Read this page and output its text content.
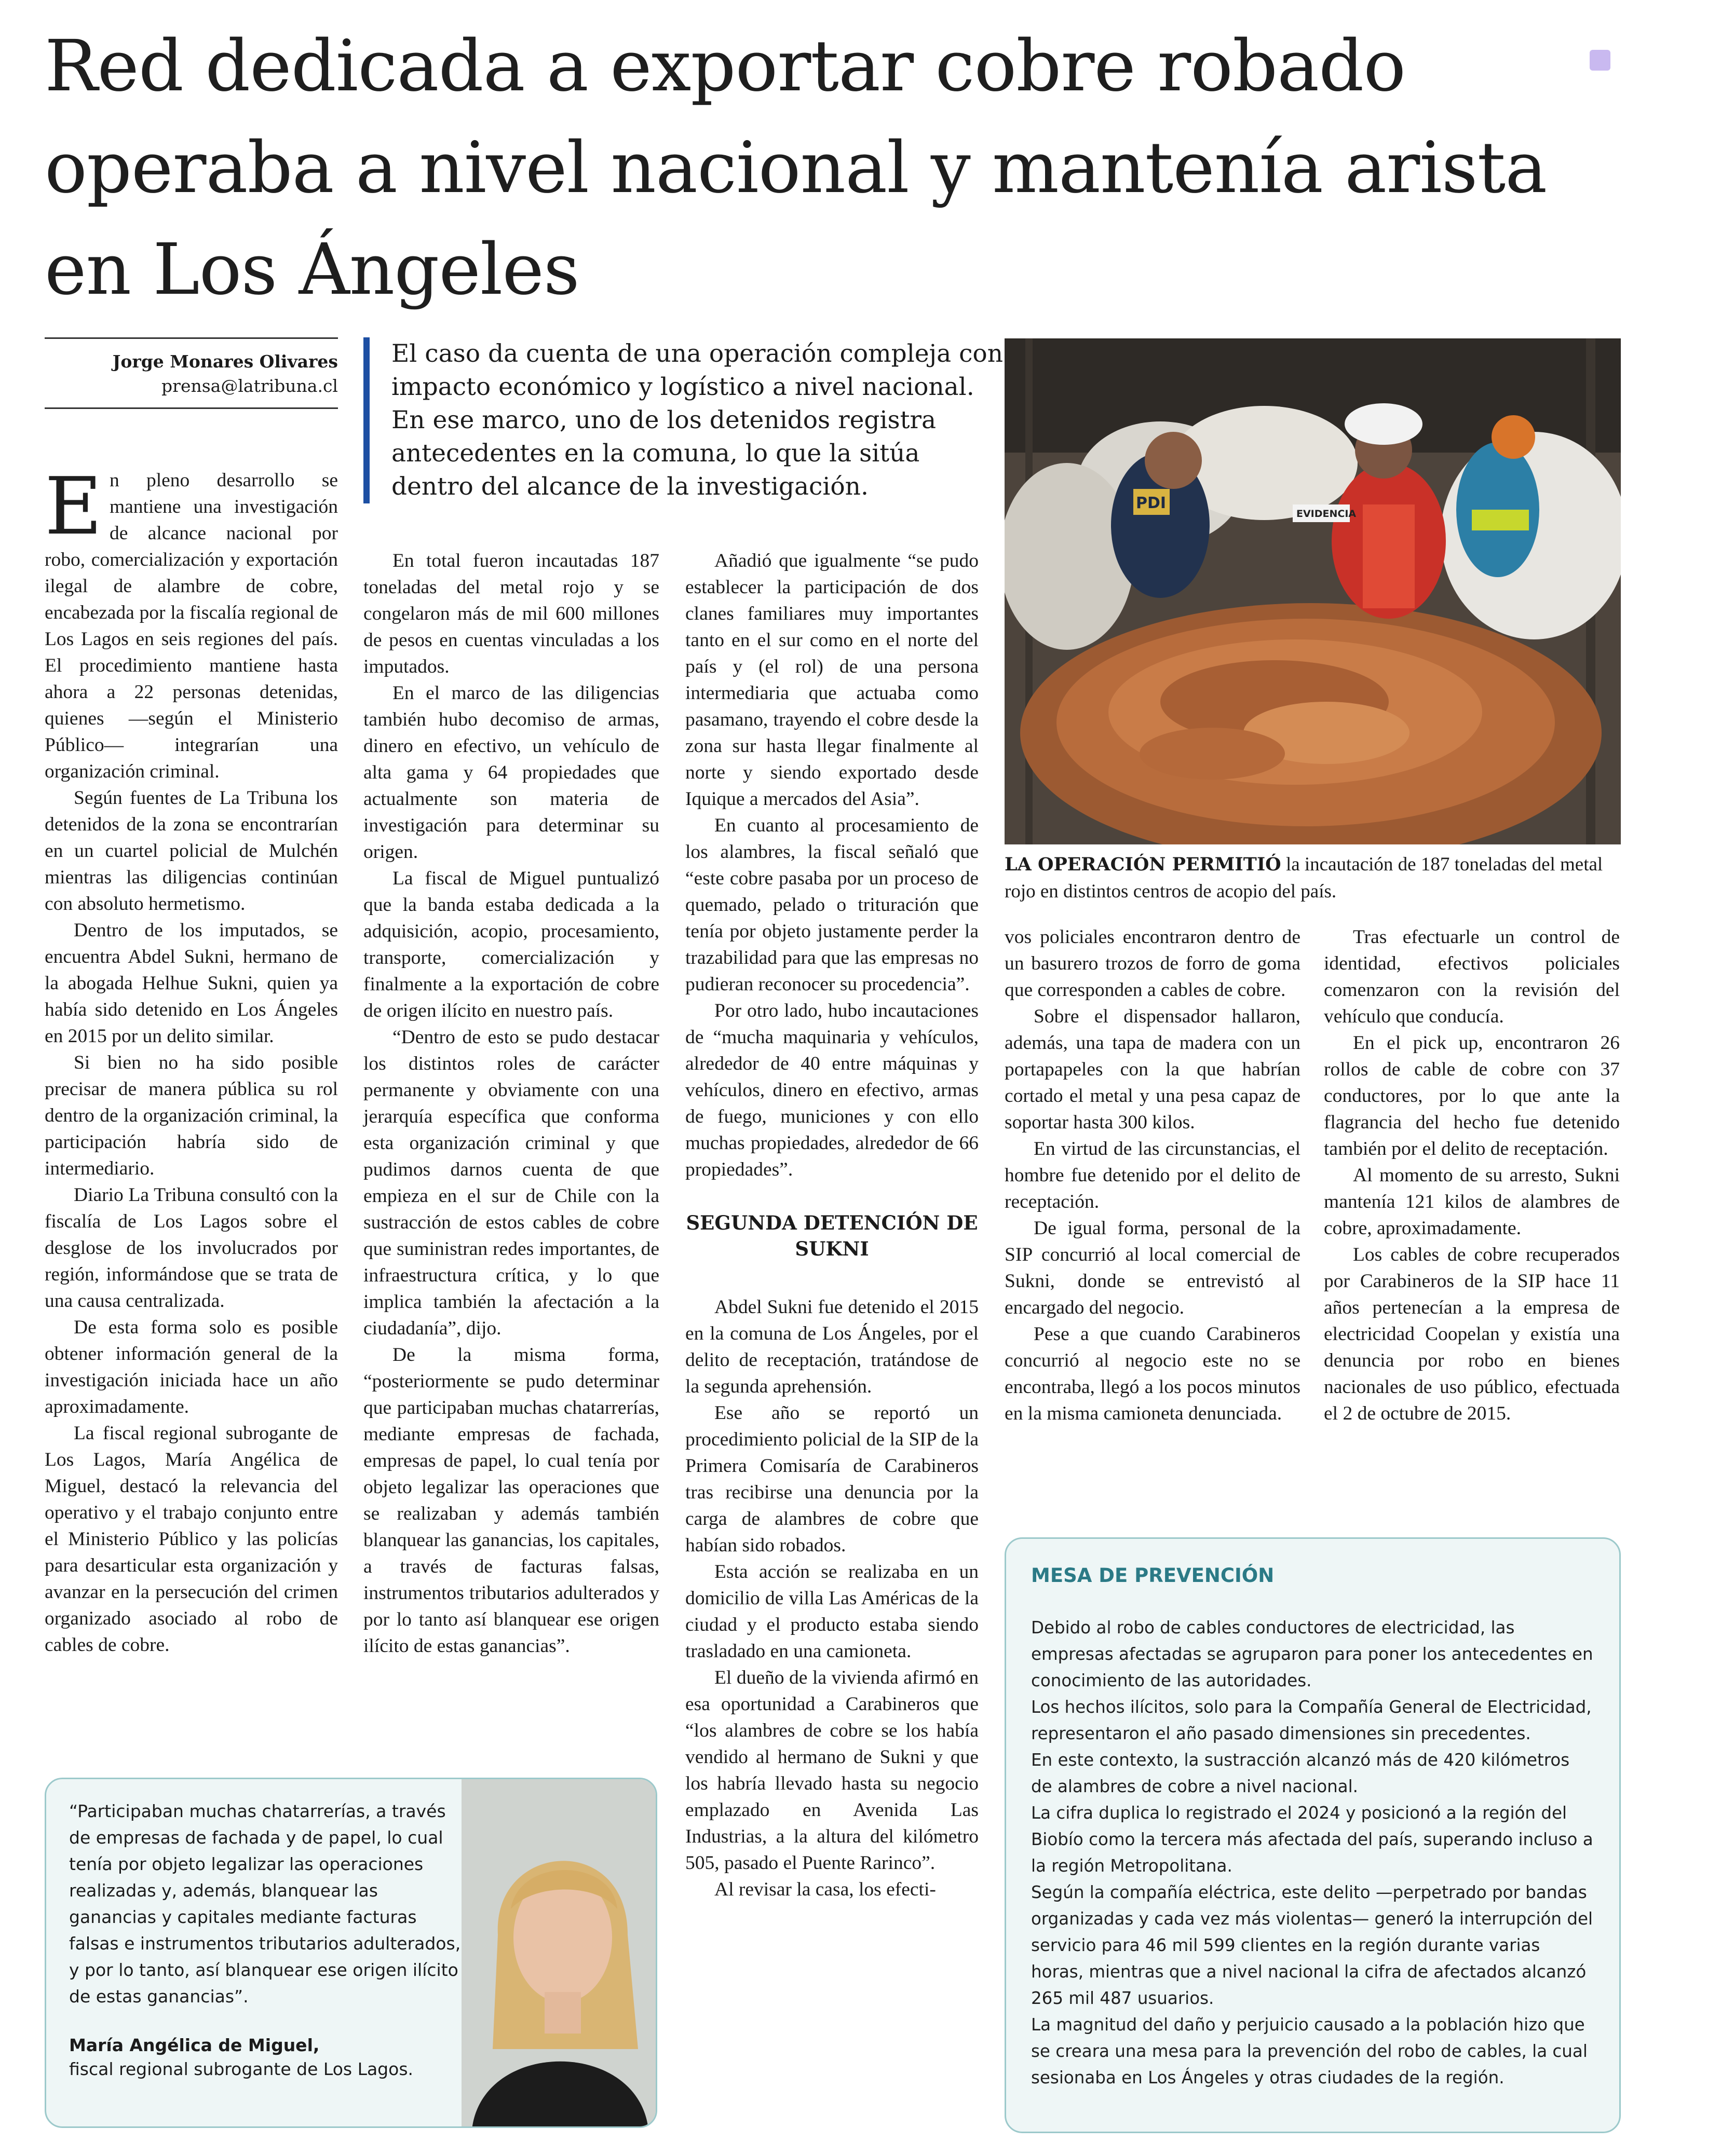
Red dedicada a exportar cobre robado operaba a nivel nacional y mantenía arista en Los Ángeles
Jorge Monares Olivares
prensa@latribuna.cl
El caso da cuenta de una operación compleja con impacto económico y logístico a nivel nacional. En ese marco, uno de los detenidos registra antecedentes en la comuna, lo que la sitúa dentro del alcance de la investigación.

En pleno desarrollo se mantiene una investigación de alcance nacional por robo, comercialización y exportación ilegal de alambre de cobre, encabezada por la fiscalía regional de Los Lagos en seis regiones del país. El procedimiento mantiene hasta ahora a 22 personas detenidas, quienes —según el Ministerio Público— integrarían una organización criminal.

Según fuentes de La Tribuna los detenidos de la zona se encontrarían en un cuartel policial de Mulchén mientras las diligencias continúan con absoluto hermetismo.

Dentro de los imputados, se encuentra Abdel Sukni, hermano de la abogada Helhue Sukni, quien ya había sido detenido en Los Ángeles en 2015 por un delito similar.

Si bien no ha sido posible precisar de manera pública su rol dentro de la organización criminal, la participación habría sido de intermediario.

Diario La Tribuna consultó con la fiscalía de Los Lagos sobre el desglose de los involucrados por región, informándose que se trata de una causa centralizada.

De esta forma solo es posible obtener información general de la investigación iniciada hace un año aproximadamente.

La fiscal regional subrogante de Los Lagos, María Angélica de Miguel, destacó la relevancia del operativo y el trabajo conjunto entre el Ministerio Público y las policías para desarticular esta organización y avanzar en la persecución del crimen organizado asociado al robo de cables de cobre.

En total fueron incautadas 187 toneladas del metal rojo y se congelaron más de mil 600 millones de pesos en cuentas vinculadas a los imputados.

En el marco de las diligencias también hubo decomiso de armas, dinero en efectivo, un vehículo de alta gama y 64 propiedades que actualmente son materia de investigación para determinar su origen.

La fiscal de Miguel puntualizó que la banda estaba dedicada a la adquisición, acopio, procesamiento, transporte, comercialización y finalmente a la exportación de cobre de origen ilícito en nuestro país.

“Dentro de esto se pudo destacar los distintos roles de carácter permanente y obviamente con una jerarquía específica que conforma esta organización criminal y que pudimos darnos cuenta de que empieza en el sur de Chile con la sustracción de estos cables de cobre que suministran redes importantes, de infraestructura crítica, y lo que implica también la afectación a la ciudadanía”, dijo.

De la misma forma, “posteriormente se pudo determinar que participaban muchas chatarrerías, mediante empresas de fachada, empresas de papel, lo cual tenía por objeto legalizar las operaciones que se realizaban y además también blanquear las ganancias, los capitales, a través de facturas falsas, instrumentos tributarios adulterados y por lo tanto así blanquear ese origen ilícito de estas ganancias”.

Añadió que igualmente “se pudo establecer la participación de dos clanes familiares muy importantes tanto en el sur como en el norte del país y (el rol) de una persona intermediaria que actuaba como pasamano, trayendo el cobre desde la zona sur hasta llegar finalmente al norte y siendo exportado desde Iquique a mercados del Asia”.

En cuanto al procesamiento de los alambres, la fiscal señaló que “este cobre pasaba por un proceso de quemado, pelado o trituración que tenía por objeto justamente perder la trazabilidad para que las empresas no pudieran reconocer su procedencia”.

Por otro lado, hubo incautaciones de “mucha maquinaria y vehículos, alrededor de 40 entre máquinas y vehículos, dinero en efectivo, armas de fuego, municiones y con ello muchas propiedades, alrededor de 66 propiedades”.

SEGUNDA DETENCIÓN DE SUKNI

Abdel Sukni fue detenido el 2015 en la comuna de Los Ángeles, por el delito de receptación, tratándose de la segunda aprehensión.

Ese año se reportó un procedimiento policial de la SIP de la Primera Comisaría de Carabineros tras recibirse una denuncia por la carga de alambres de cobre que habían sido robados.

Esta acción se realizaba en un domicilio de villa Las Américas de la ciudad y el producto estaba siendo trasladado en una camioneta.

El dueño de la vivienda afirmó en esa oportunidad a Carabineros que “los alambres de cobre se los había vendido al hermano de Sukni y que los habría llevado hasta su negocio emplazado en Avenida Las Industrias, a la altura del kilómetro 505, pasado el Puente Rarinco”.

Al revisar la casa, los efecti-

PDI
EVIDENCIA
LA OPERACIÓN PERMITIÓ la incautación de 187 toneladas del metal rojo en distintos centros de acopio del país.

vos policiales encontraron dentro de un basurero trozos de forro de goma que corresponden a cables de cobre.

Sobre el dispensador hallaron, además, una tapa de madera con un portapapeles con la que habrían cortado el metal y una pesa capaz de soportar hasta 300 kilos.

En virtud de las circunstancias, el hombre fue detenido por el delito de receptación.

De igual forma, personal de la SIP concurrió al local comercial de Sukni, donde se entrevistó al encargado del negocio.

Pese a que cuando Carabineros concurrió al negocio este no se encontraba, llegó a los pocos minutos en la misma camioneta denunciada.

Tras efectuarle un control de identidad, efectivos policiales comenzaron con la revisión del vehículo que conducía.

En el pick up, encontraron 26 rollos de cable de cobre con 37 conductores, por lo que ante la flagrancia del hecho fue detenido también por el delito de receptación.

Al momento de su arresto, Sukni mantenía 121 kilos de alambres de cobre, aproximadamente.

Los cables de cobre recuperados por Carabineros de la SIP hace 11 años pertenecían a la empresa de electricidad Coopelan y existía una denuncia por robo en bienes nacionales de uso público, efectuada el 2 de octubre de 2015.

“Participaban muchas chatarrerías, a través de empresas de fachada y de papel, lo cual tenía por objeto legalizar las operaciones realizadas y, además, blanquear las ganancias y capitales mediante facturas falsas e instrumentos tributarios adulterados, y por lo tanto, así blanquear ese origen ilícito de estas ganancias”.
María Angélica de Miguel,
fiscal regional subrogante de Los Lagos.
MESA DE PREVENCIÓN

Debido al robo de cables conductores de electricidad, las empresas afectadas se agruparon para poner los antecedentes en conocimiento de las autoridades.

Los hechos ilícitos, solo para la Compañía General de Electricidad, representaron el año pasado dimensiones sin precedentes.

En este contexto, la sustracción alcanzó más de 420 kilómetros de alambres de cobre a nivel nacional.

La cifra duplica lo registrado el 2024 y posicionó a la región del Biobío como la tercera más afectada del país, superando incluso a la región Metropolitana.

Según la compañía eléctrica, este delito —perpetrado por bandas organizadas y cada vez más violentas— generó la interrupción del servicio para 46 mil 599 clientes en la región durante varias horas, mientras que a nivel nacional la cifra de afectados alcanzó 265 mil 487 usuarios.

La magnitud del daño y perjuicio causado a la población hizo que se creara una mesa para la prevención del robo de cables, la cual sesionaba en Los Ángeles y otras ciudades de la región.
